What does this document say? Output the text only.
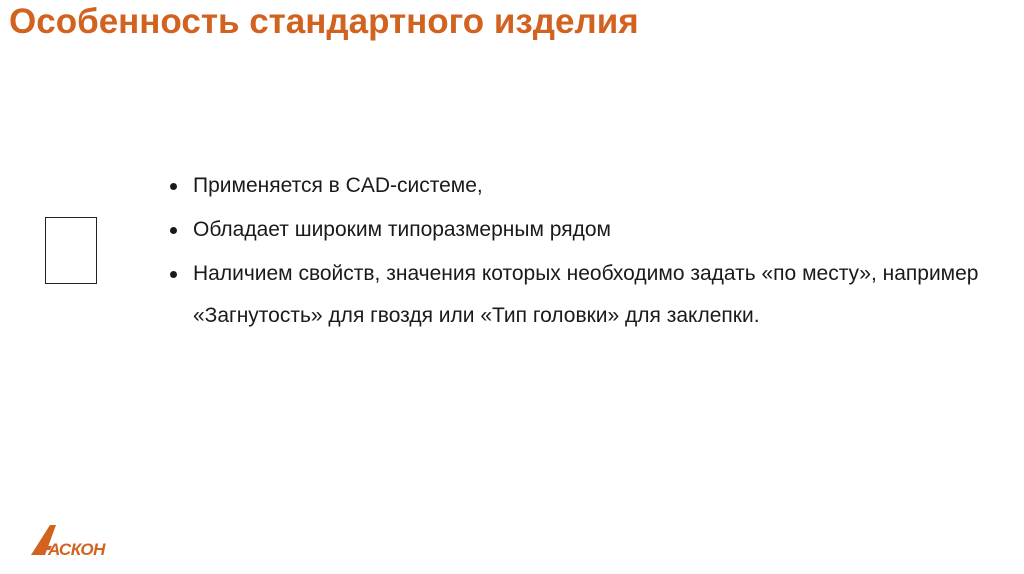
Особенность стандартного изделия
Применяется в CAD-системе,
Обладает широким типоразмерным рядом
Наличием свойств, значения которых необходимо задать «по месту», например «Загнутость» для гвоздя или «Тип головки» для заклепки.
АСКОН
